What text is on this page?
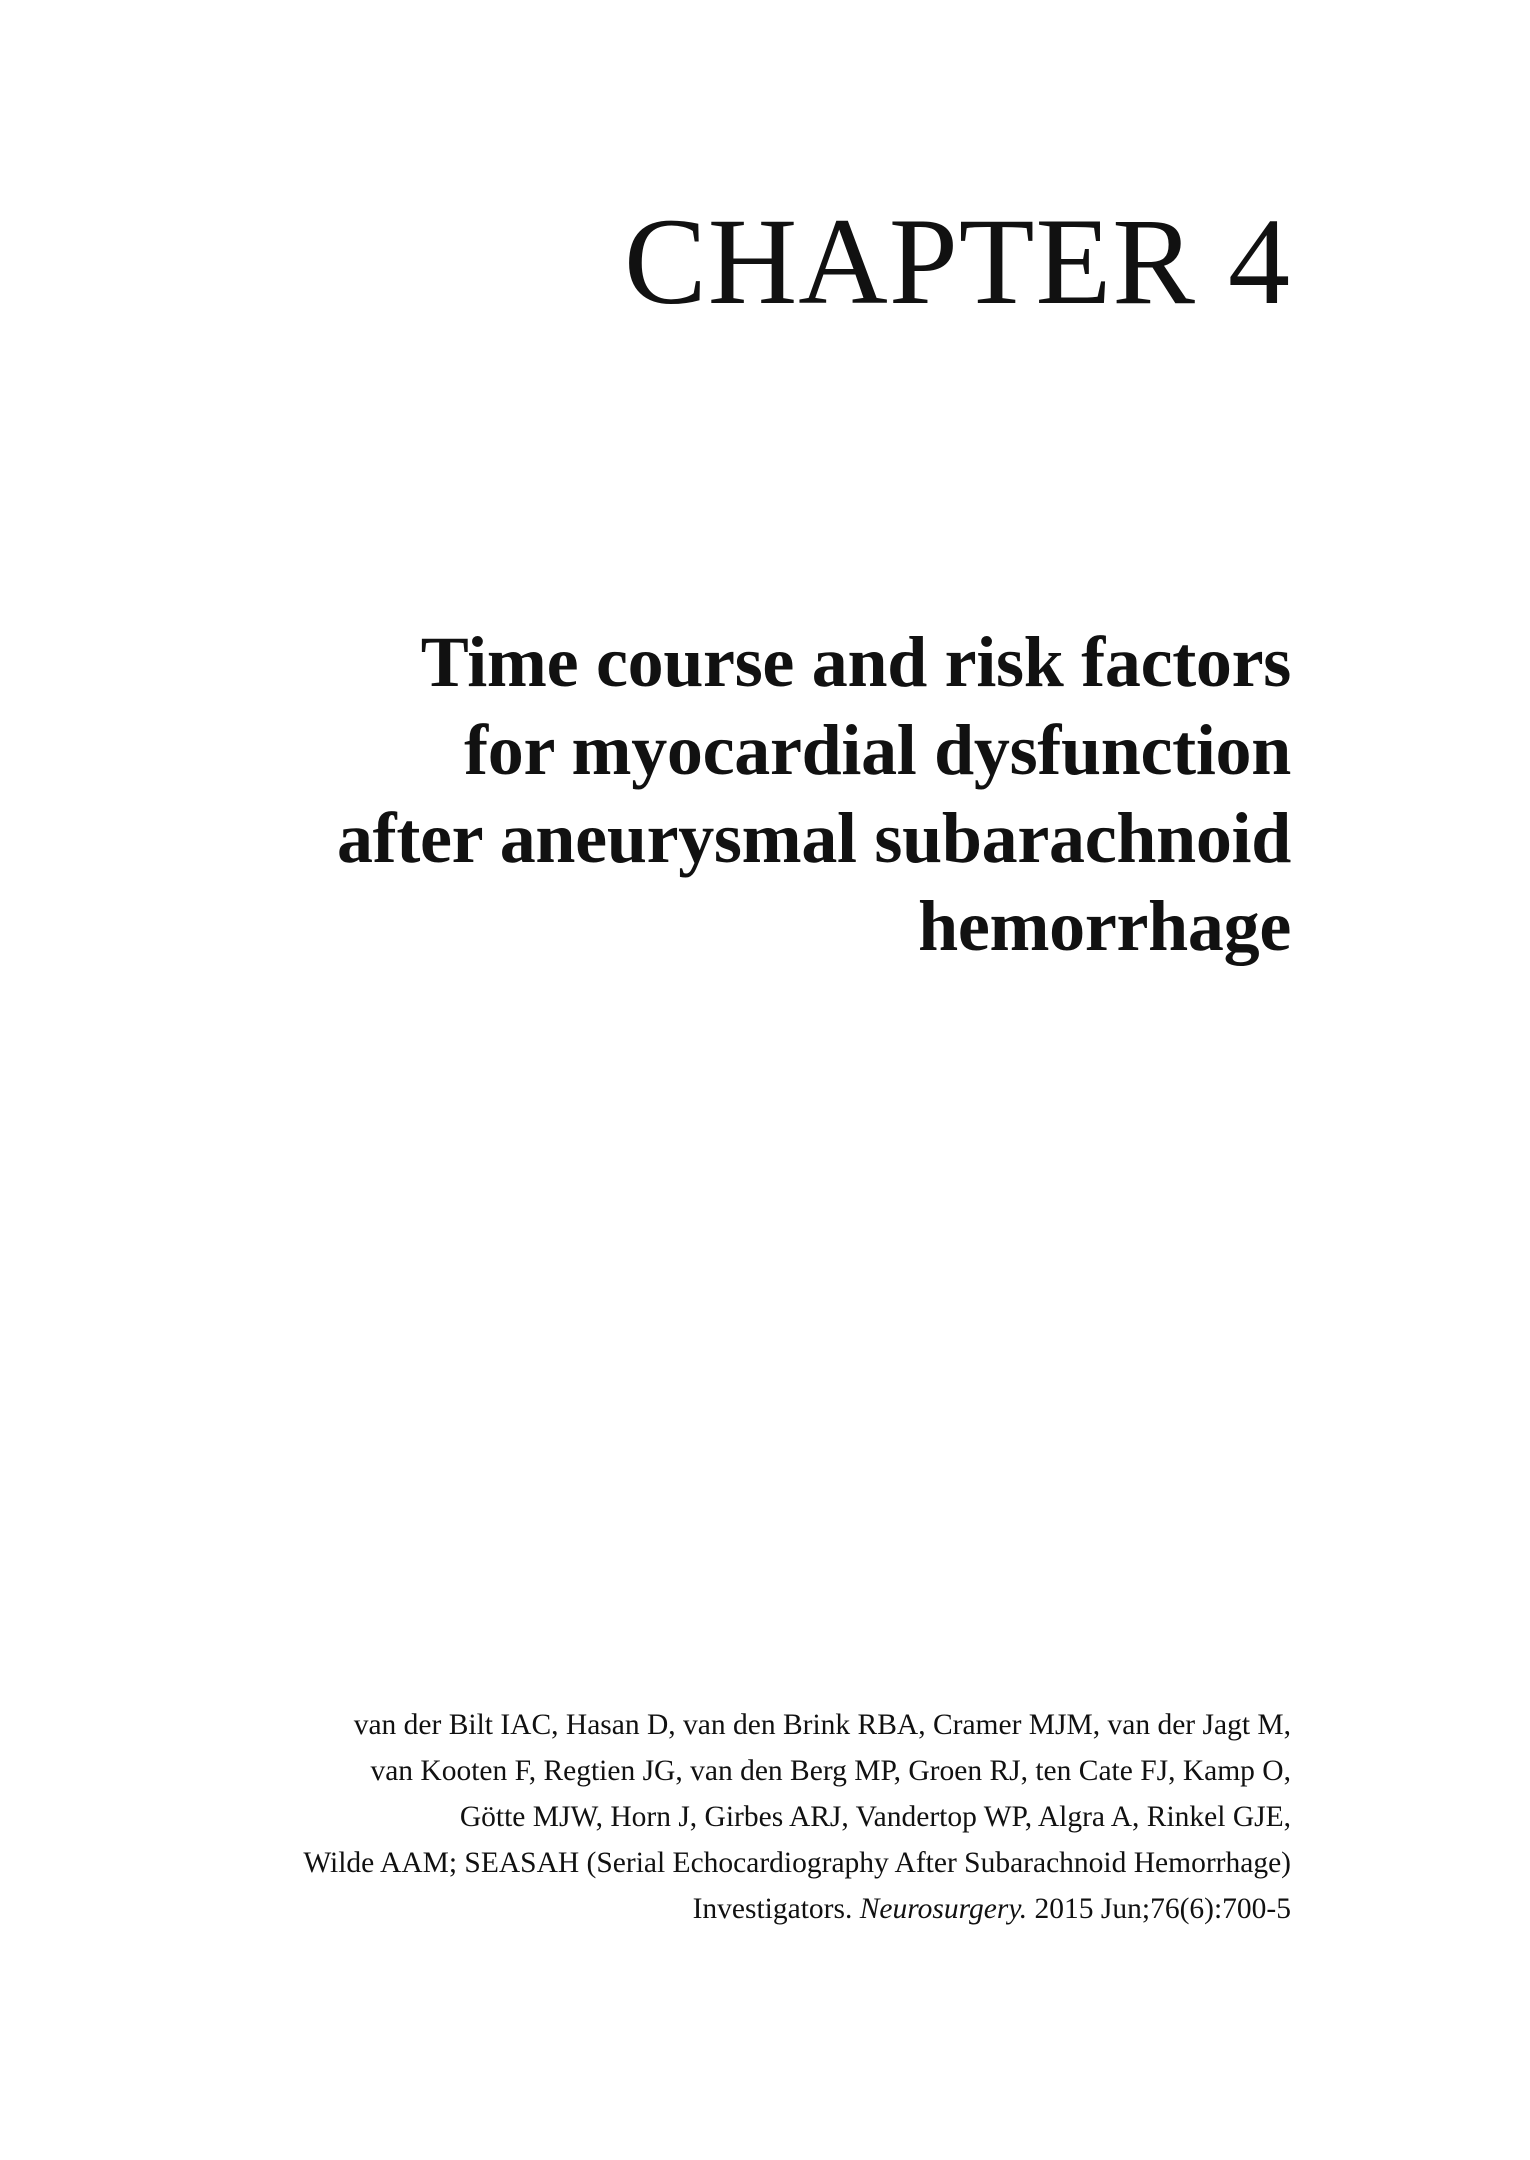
CHAPTER 4
Time course and risk factors
for myocardial dysfunction
after aneurysmal subarachnoid
hemorrhage

van der Bilt IAC, Hasan D, van den Brink RBA, Cramer MJM, van der Jagt M,
van Kooten F, Regtien JG, van den Berg MP, Groen RJ, ten Cate FJ, Kamp O,
Götte MJW, Horn J, Girbes ARJ, Vandertop WP, Algra A, Rinkel GJE,
Wilde AAM; SEASAH (Serial Echocardiography After Subarachnoid Hemorrhage)
Investigators. Neurosurgery. 2015 Jun;76(6):700-5
